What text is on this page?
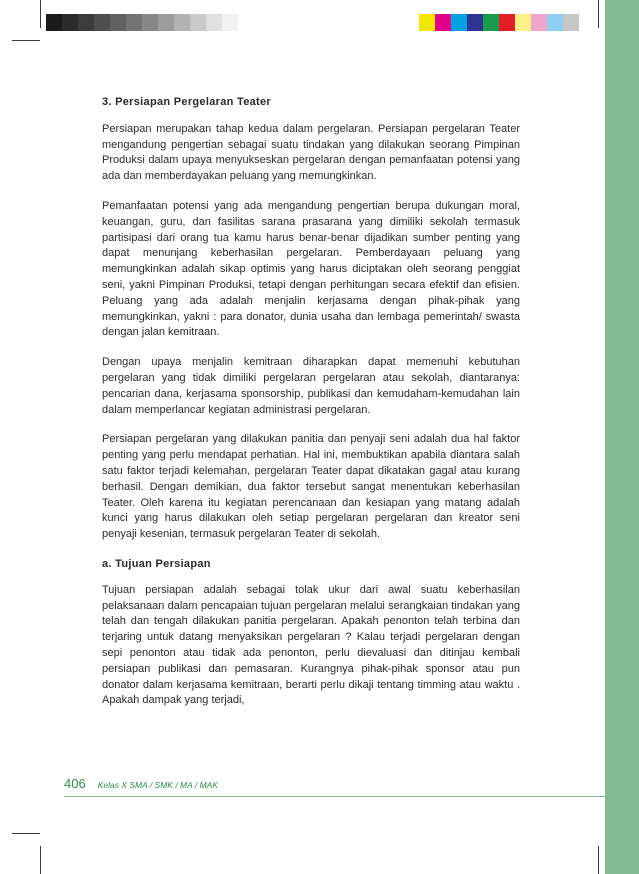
3. Persiapan Pergelaran Teater

Persiapan merupakan tahap kedua dalam pergelaran. Persiapan pergelaran Teater mengandung pengertian sebagai suatu tindakan yang dilakukan seorang Pimpinan Produksi dalam upaya menyukseskan pergelaran dengan pemanfaatan potensi yang ada dan memberdayakan peluang yang memungkinkan.

Pemanfaatan potensi yang ada mengandung pengertian berupa dukungan moral, keuangan, guru, dan fasilitas sarana prasarana yang dimiliki sekolah termasuk partisipasi dari orang tua kamu harus benar-benar dijadikan sumber penting yang dapat menunjang keberhasilan pergelaran. Pemberdayaan peluang yang memungkinkan adalah sikap optimis yang harus diciptakan oleh seorang penggiat seni, yakni Pimpinan Produksi, tetapi dengan perhitungan secara efektif dan efisien. Peluang yang ada adalah menjalin kerjasama dengan pihak-pihak yang memungkinkan, yakni : para donator, dunia usaha dan lembaga pemerintah/ swasta dengan jalan kemitraan.

Dengan upaya menjalin kemitraan diharapkan dapat memenuhi kebutuhan pergelaran yang tidak dimiliki pergelaran pergelaran atau sekolah, diantaranya: pencarian dana, kerjasama sponsorship, publikasi dan kemudaham-kemudahan lain dalam memperlancar kegiatan administrasi pergelaran.

Persiapan pergelaran yang dilakukan panitia dan penyaji seni adalah dua hal faktor penting yang perlu mendapat perhatian. Hal ini, membuktikan apabila diantara salah satu faktor terjadi kelemahan, pergelaran Teater dapat dikatakan gagal atau kurang berhasil. Dengan demikian, dua faktor tersebut sangat menentukan keberhasilan Teater. Oleh karena itu kegiatan perencanaan dan kesiapan yang matang adalah kunci yang harus dilakukan oleh setiap pergelaran pergelaran dan kreator seni penyaji kesenian, termasuk pergelaran Teater di sekolah.

a. Tujuan Persiapan

Tujuan persiapan adalah sebagai tolak ukur dari awal suatu keberhasilan pelaksanaan dalam pencapaian tujuan pergelaran melalui serangkaian tindakan yang telah dan tengah dilakukan panitia pergelaran. Apakah penonton telah terbina dan terjaring untuk datang menyaksikan pergelaran ? Kalau terjadi pergelaran dengan sepi penonton atau tidak ada penonton, perlu dievaluasi dan ditinjau kembali persiapan publikasi dan pemasaran. Kurangnya pihak-pihak sponsor atau pun donator dalam kerjasama kemitraan, berarti perlu dikaji tentang timming atau waktu . Apakah dampak yang terjadi,

406 Kelas X SMA / SMK / MA / MAK
